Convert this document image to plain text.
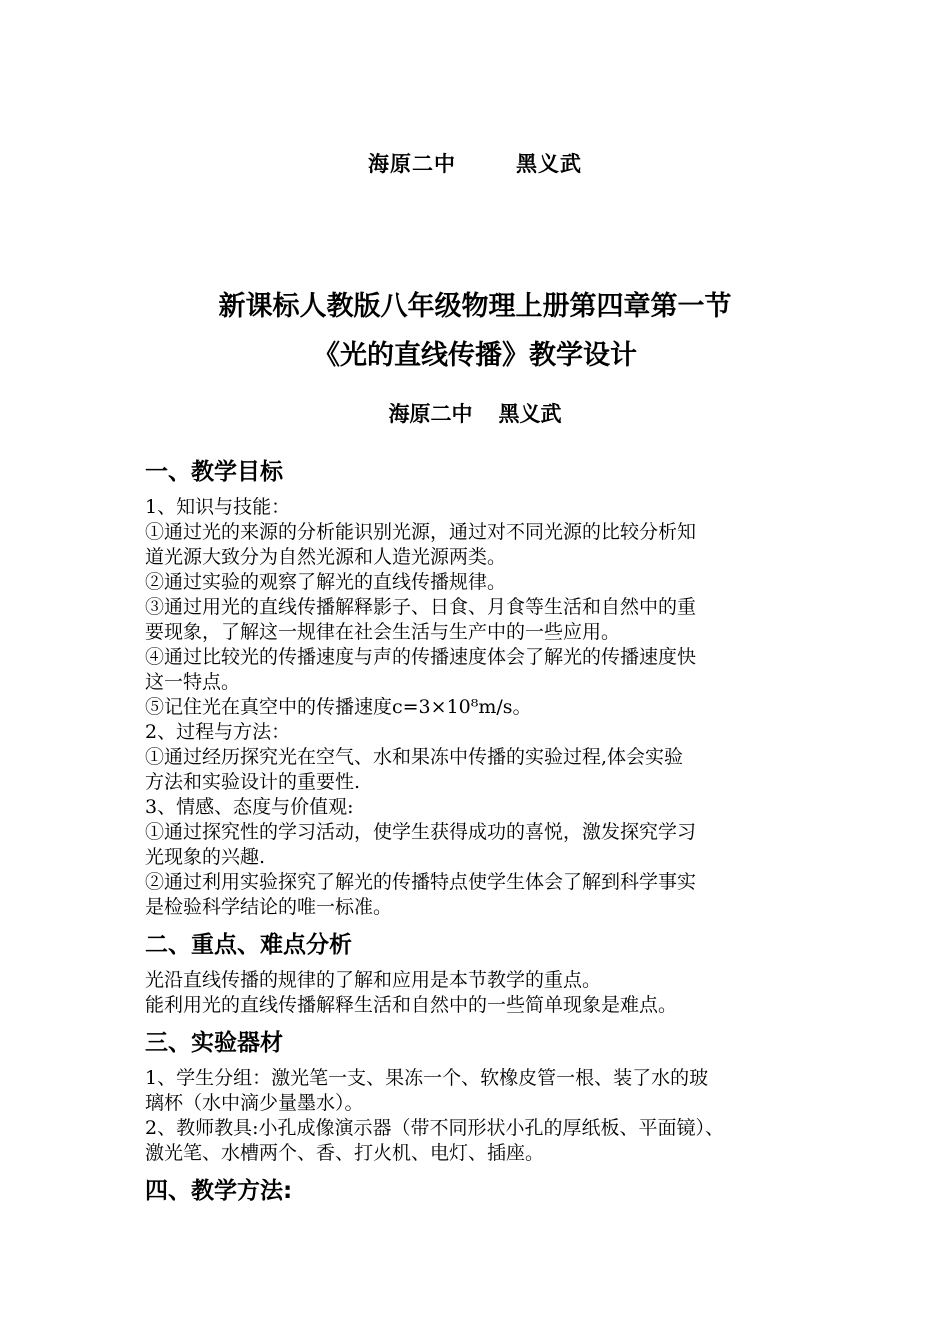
海原二中	黑义武
新课标人教版八年级物理上册第四章第一节
《光的直线传播》教学设计
海原二中 黑义武
一、教学目标

1、知识与技能：

①通过光的来源的分析能识别光源，通过对不同光源的比较分析知

道光源大致分为自然光源和人造光源两类。

②通过实验的观察了解光的直线传播规律。

③通过用光的直线传播解释影子、日食、月食等生活和自然中的重

要现象，了解这一规律在社会生活与生产中的一些应用。

④通过比较光的传播速度与声的传播速度体会了解光的传播速度快

这一特点。

⑤记住光在真空中的传播速度c=3×10⁸m/s。

2、过程与方法：

①通过经历探究光在空气、水和果冻中传播的实验过程,体会实验

方法和实验设计的重要性.

3、情感、态度与价值观:

①通过探究性的学习活动，使学生获得成功的喜悦，激发探究学习

光现象的兴趣.

②通过利用实验探究了解光的传播特点使学生体会了解到科学事实

是检验科学结论的唯一标准。

二、重点、难点分析

光沿直线传播的规律的了解和应用是本节教学的重点。

能利用光的直线传播解释生活和自然中的一些简单现象是难点。

三、实验器材

1、学生分组：激光笔一支、果冻一个、软橡皮管一根、装了水的玻

璃杯（水中滴少量墨水）。

2、教师教具:小孔成像演示器（带不同形状小孔的厚纸板、平面镜）、

激光笔、水槽两个、香、打火机、电灯、插座。

四、教学方法:
